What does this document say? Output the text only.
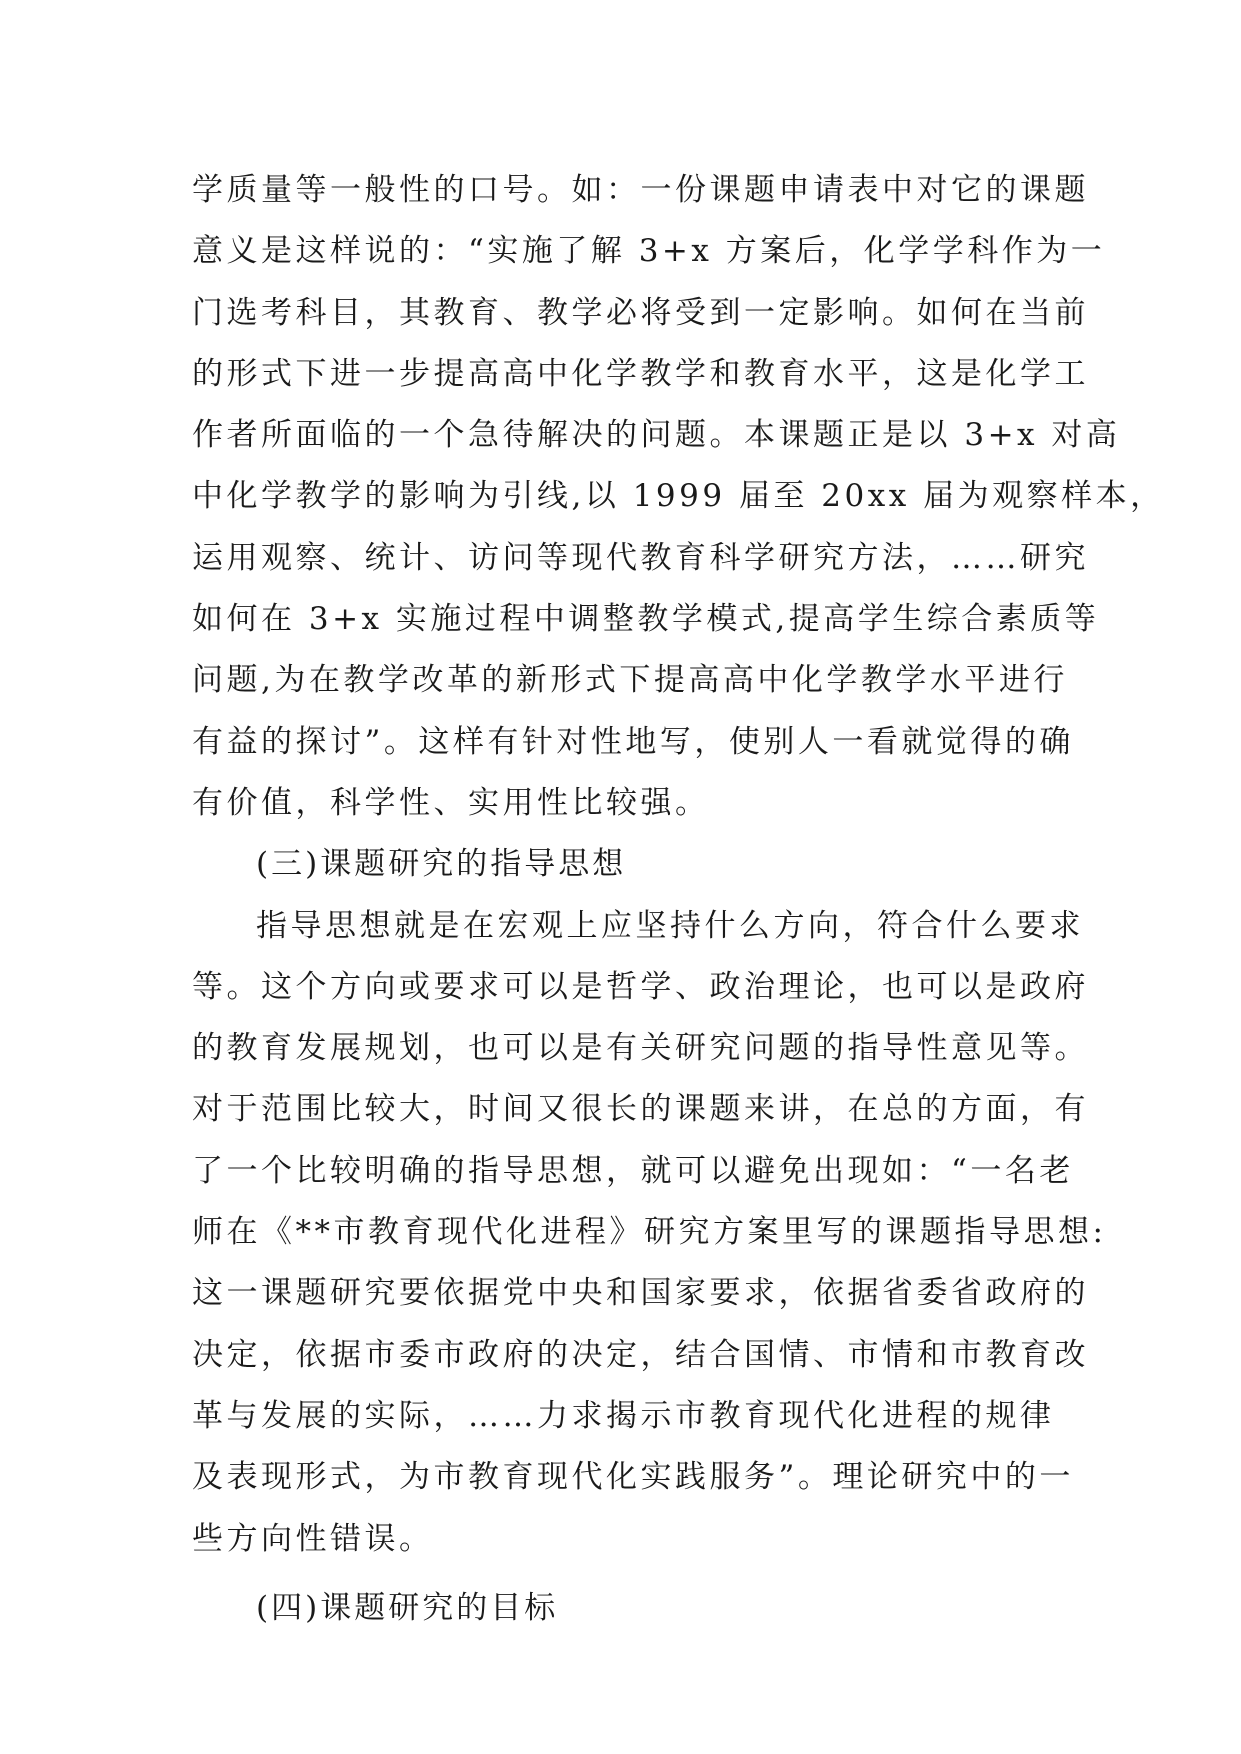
学质量等一般性的口号。如：一份课题申请表中对它的课题
意义是这样说的：“实施了解 3+x 方案后，化学学科作为一
门选考科目，其教育、教学必将受到一定影响。如何在当前
的形式下进一步提高高中化学教学和教育水平，这是化学工
作者所面临的一个急待解决的问题。本课题正是以 3+x 对高
中化学教学的影响为引线,以 1999 届至 20xx 届为观察样本，
运用观察、统计、访问等现代教育科学研究方法，……研究
如何在 3+x 实施过程中调整教学模式,提高学生综合素质等
问题,为在教学改革的新形式下提高高中化学教学水平进行
有益的探讨”。这样有针对性地写，使别人一看就觉得的确
有价值，科学性、实用性比较强。
(三)课题研究的指导思想
指导思想就是在宏观上应坚持什么方向，符合什么要求
等。这个方向或要求可以是哲学、政治理论，也可以是政府
的教育发展规划，也可以是有关研究问题的指导性意见等。
对于范围比较大，时间又很长的课题来讲，在总的方面，有
了一个比较明确的指导思想，就可以避免出现如：“一名老
师在《**市教育现代化进程》研究方案里写的课题指导思想:
这一课题研究要依据党中央和国家要求，依据省委省政府的
决定，依据市委市政府的决定，结合国情、市情和市教育改
革与发展的实际，……力求揭示市教育现代化进程的规律
及表现形式，为市教育现代化实践服务”。理论研究中的一
些方向性错误。
(四)课题研究的目标
